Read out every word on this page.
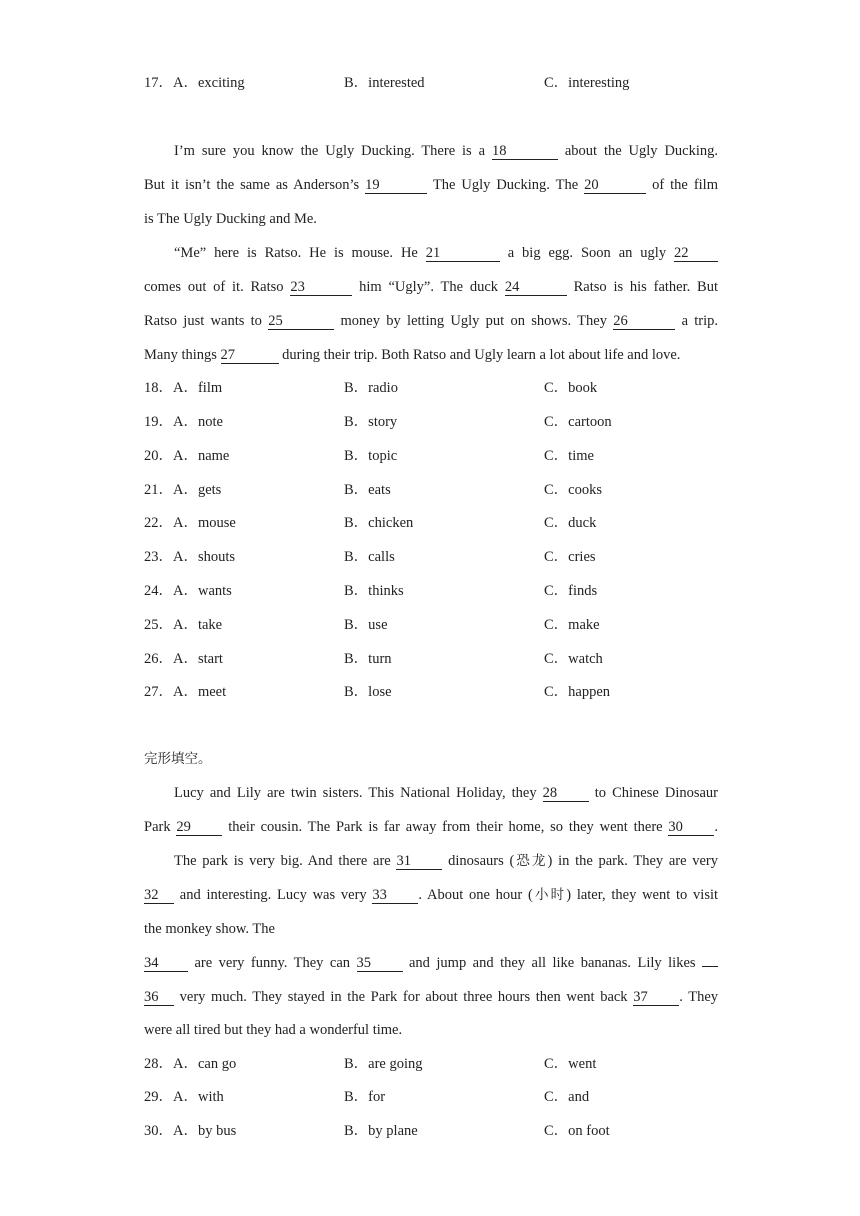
17．A．exciting	B．interested	C．interesting
I’m sure you know the Ugly Ducking. There is a 18	about the Ugly Ducking.
But it isn’t the same as Anderson’s 19	The Ugly Ducking. The 20	of the film
is The Ugly Ducking and Me.
“Me” here is Ratso. He is mouse. He 21	a big egg. Soon an ugly 22
comes out of it. Ratso 23	him “Ugly”. The duck 24	Ratso is his father. But
Ratso just wants to 25	money by letting Ugly put on shows. They 26	a trip.
Many things 27	during their trip. Both Ratso and Ugly learn a lot about life and love.
18．A．film	B．radio	C．book
19．A．note	B．story	C．cartoon
20．A．name	B．topic	C．time
21．A．gets	B．eats	C．cooks
22．A．mouse	B．chicken	C．duck
23．A．shouts	B．calls	C．cries
24．A．wants	B．thinks	C．finds
25．A．take	B．use	C．make
26．A．start	B．turn	C．watch
27．A．meet	B．lose	C．happen
完形填空。
Lucy and Lily are twin sisters. This National Holiday, they 28	to Chinese Dinosaur
Park 29	their cousin. The Park is far away from their home, so they went there 30 .
The park is very big. And there are 31	dinosaurs (恐龙) in the park. They are very
32 and interesting. Lucy was very 33 . About one hour (小时) later, they went to visit
the monkey show. The
34 are very funny. They can 35	and jump and they all like bananas. Lily likes
36 very much. They stayed in the Park for about three hours then went back 37 . They
were all tired but they had a wonderful time.
28．A．can go	B．are going	C．went
29．A．with	B．for	C．and
30．A．by bus	B．by plane	C．on foot
